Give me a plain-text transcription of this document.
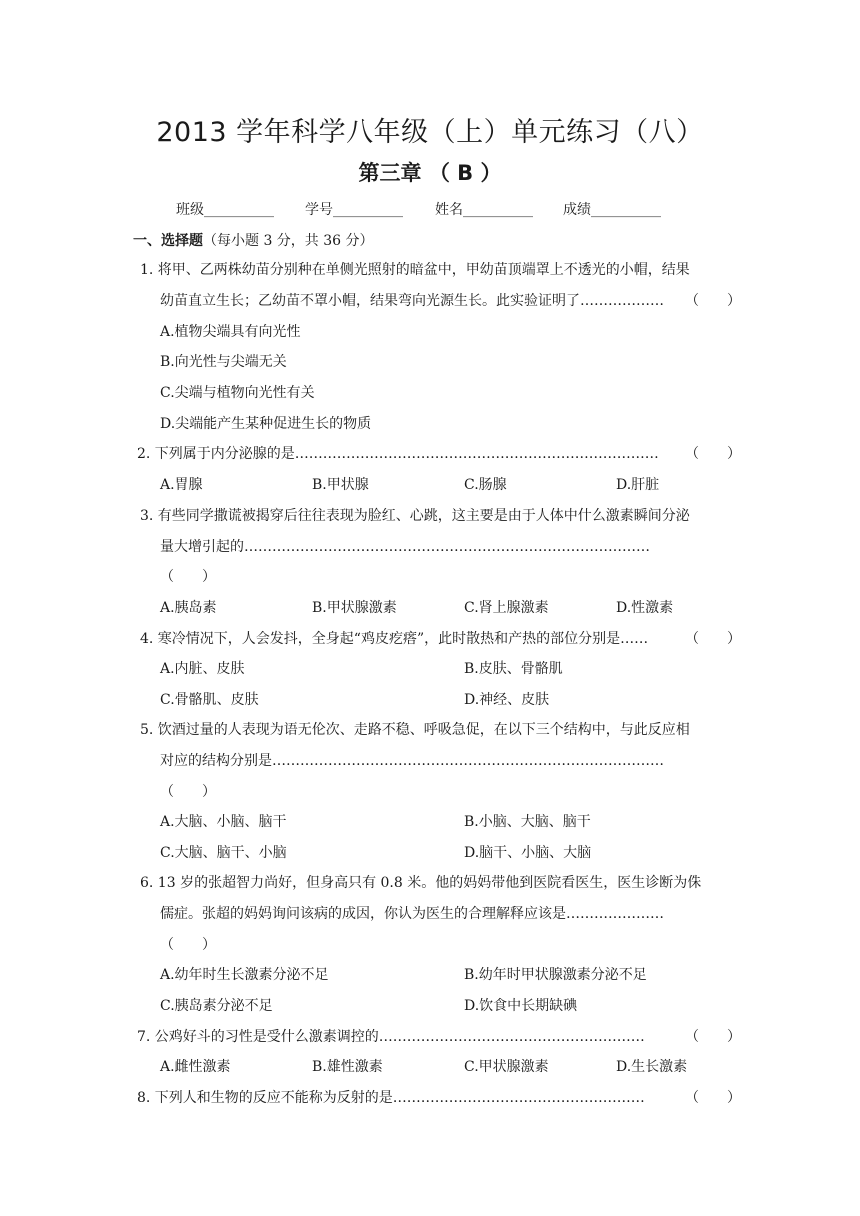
2013 学年科学八年级（上）单元练习（八）
第三章 （ B ）
班级__________ 学号__________ 姓名__________ 成绩__________
一、选择题（每小题 3 分，共 36 分）
1. 将甲、乙两株幼苗分别种在单侧光照射的暗盆中，甲幼苗顶端罩上不透光的小帽，结果
幼苗直立生长；乙幼苗不罩小帽，结果弯向光源生长。此实验证明了……………… （　　）
A.植物尖端具有向光性
B.向光性与尖端无关
C.尖端与植物向光性有关
D.尖端能产生某种促进生长的物质
2. 下列属于内分泌腺的是…………………………………………………………………… （　　）
A.胃腺	B.甲状腺	C.肠腺	D.肝脏
3. 有些同学撒谎被揭穿后往往表现为脸红、心跳，这主要是由于人体中什么激素瞬间分泌
量大增引起的……………………………………………………………………………
（　　）
A.胰岛素	B.甲状腺激素	C.肾上腺激素	D.性激素
4. 寒冷情况下，人会发抖，全身起“鸡皮疙瘩”，此时散热和产热的部位分别是……	（　　）
A.内脏、皮肤	B.皮肤、骨骼肌
C.骨骼肌、皮肤	D.神经、皮肤
5. 饮酒过量的人表现为语无伦次、走路不稳、呼吸急促，在以下三个结构中，与此反应相
对应的结构分别是…………………………………………………………………………
（　　）
A.大脑、小脑、脑干	B.小脑、大脑、脑干
C.大脑、脑干、小脑	D.脑干、小脑、大脑
6. 13 岁的张超智力尚好，但身高只有 0.8 米。他的妈妈带他到医院看医生，医生诊断为侏
儒症。张超的妈妈询问该病的成因，你认为医生的合理解释应该是…………………
（　　）
A.幼年时生长激素分泌不足	B.幼年时甲状腺激素分泌不足
C.胰岛素分泌不足	D.饮食中长期缺碘
7. 公鸡好斗的习性是受什么激素调控的…………………………………………………	（　　）
A.雌性激素	B.雄性激素	C.甲状腺激素	D.生长激素
8. 下列人和生物的反应不能称为反射的是………………………………………………	（　　）
